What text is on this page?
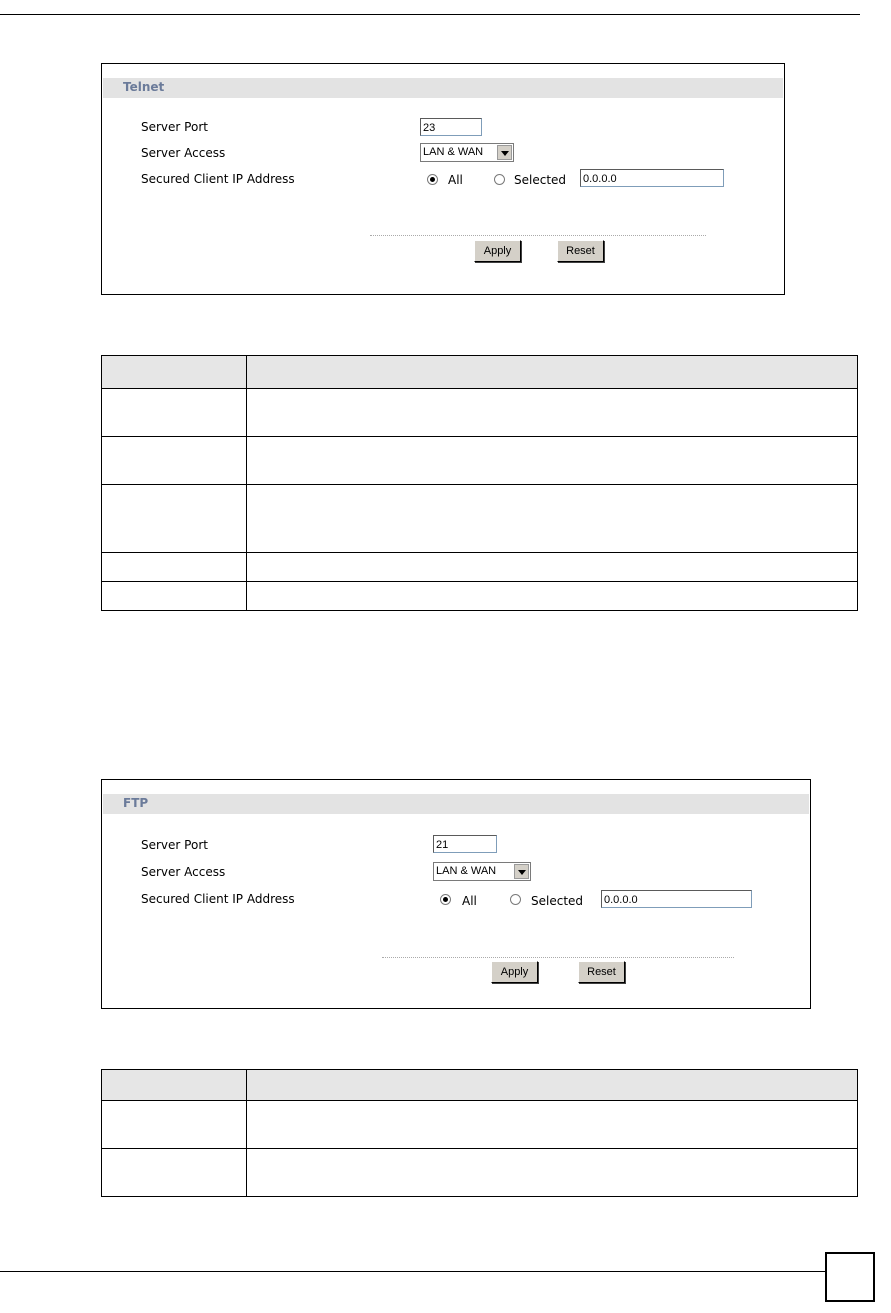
Telnet
Server Port	23
Server Access	LAN & WAN
Secured Client IP Address	All	Selected 0.0.0.0
Apply	Reset

FTP
Server Port	21
Server Access	LAN & WAN
Secured Client IP Address	All	Selected 0.0.0.0
Apply	Reset
